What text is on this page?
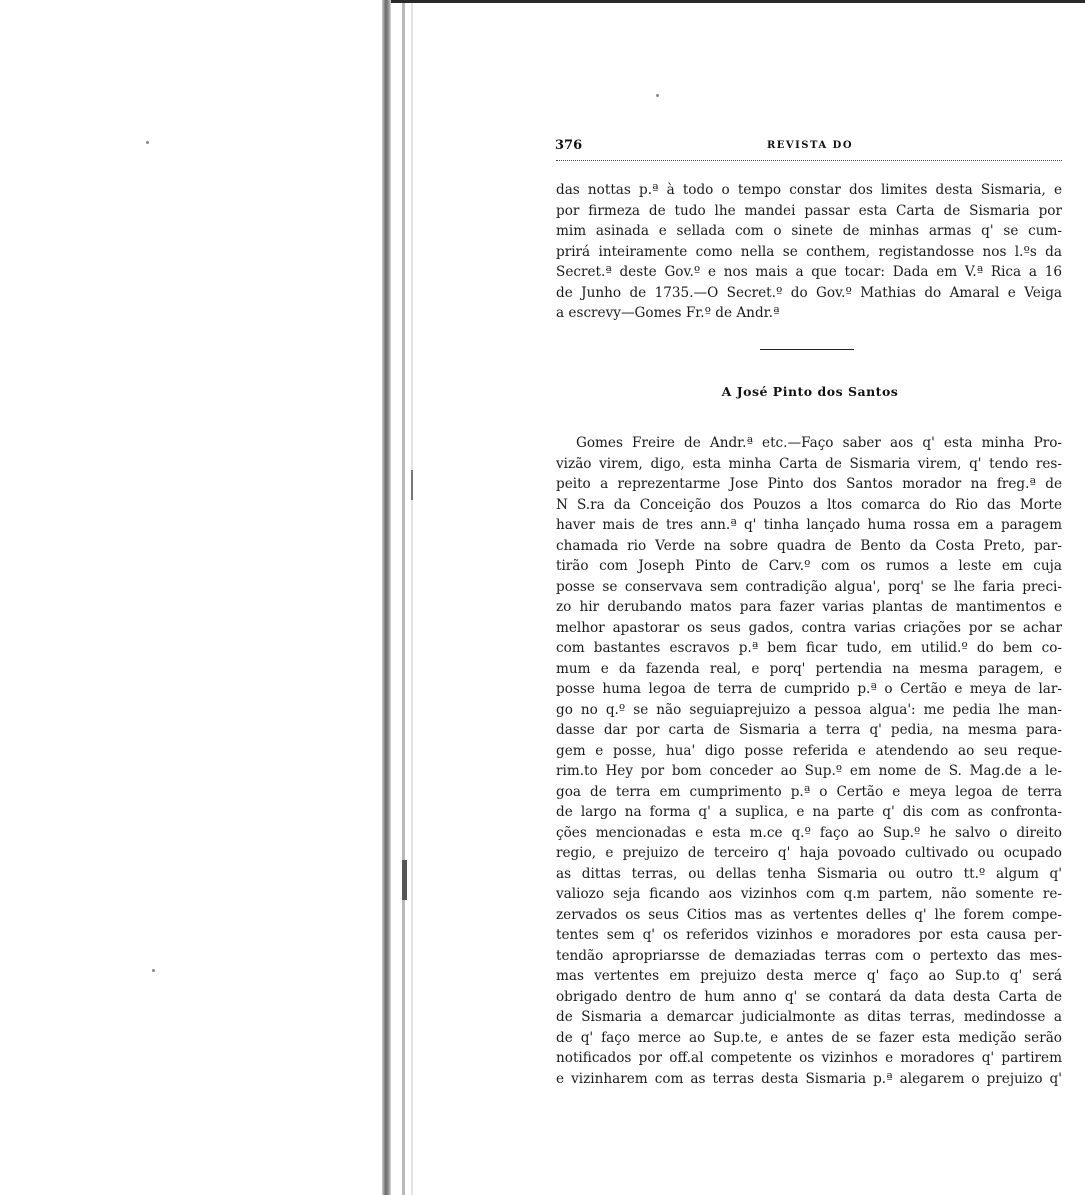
376	REVISTA DO
das nottas p.ª à todo o tempo constar dos limites desta Sismaria, e
por firmeza de tudo lhe mandei passar esta Carta de Sismaria por
mim asinada e sellada com o sinete de minhas armas q' se cum-
prirá inteiramente como nella se conthem, registandosse nos l.ºs da
Secret.ª deste Gov.º e nos mais a que tocar: Dada em V.ª Rica a 16
de Junho de 1735.—O Secret.º do Gov.º Mathias do Amaral e Veiga
a escrevy—Gomes Fr.º de Andr.ª
A José Pinto dos Santos
Gomes Freire de Andr.ª etc.—Faço saber aos q' esta minha Pro-
vizão virem, digo, esta minha Carta de Sismaria virem, q' tendo res-
peito a reprezentarme Jose Pinto dos Santos morador na freg.ª de
N S.ra da Conceição dos Pouzos a ltos comarca do Rio das Morte
haver mais de tres ann.ª q' tinha lançado huma rossa em a paragem
chamada rio Verde na sobre quadra de Bento da Costa Preto, par-
tirão com Joseph Pinto de Carv.º com os rumos a leste em cuja
posse se conservava sem contradição algua', porq' se lhe faria preci-
zo hir derubando matos para fazer varias plantas de mantimentos e
melhor apastorar os seus gados, contra varias criações por se achar
com bastantes escravos p.ª bem ficar tudo, em utilid.º do bem co-
mum e da fazenda real, e porq' pertendia na mesma paragem, e
posse huma legoa de terra de cumprido p.ª o Certão e meya de lar-
go no q.º se não seguiaprejuizo a pessoa algua': me pedia lhe man-
dasse dar por carta de Sismaria a terra q' pedia, na mesma para-
gem e posse, hua' digo posse referida e atendendo ao seu reque-
rim.to Hey por bom conceder ao Sup.º em nome de S. Mag.de a le-
goa de terra em cumprimento p.ª o Certão e meya legoa de terra
de largo na forma q' a suplica, e na parte q' dis com as confronta-
ções mencionadas e esta m.ce q.º faço ao Sup.º he salvo o direito
regio, e prejuizo de terceiro q' haja povoado cultivado ou ocupado
as dittas terras, ou dellas tenha Sismaria ou outro tt.º algum q'
valiozo seja ficando aos vizinhos com q.m partem, não somente re-
zervados os seus Citios mas as vertentes delles q' lhe forem compe-
tentes sem q' os referidos vizinhos e moradores por esta causa per-
tendão apropriarsse de demaziadas terras com o pertexto das mes-
mas vertentes em prejuizo desta merce q' faço ao Sup.to q' será
obrigado dentro de hum anno q' se contará da data desta Carta de
de Sismaria a demarcar judicialmonte as ditas terras, medindosse a
de q' faço merce ao Sup.te, e antes de se fazer esta medição serão
notificados por off.al competente os vizinhos e moradores q' partirem
e vizinharem com as terras desta Sismaria p.ª alegarem o prejuizo q'
